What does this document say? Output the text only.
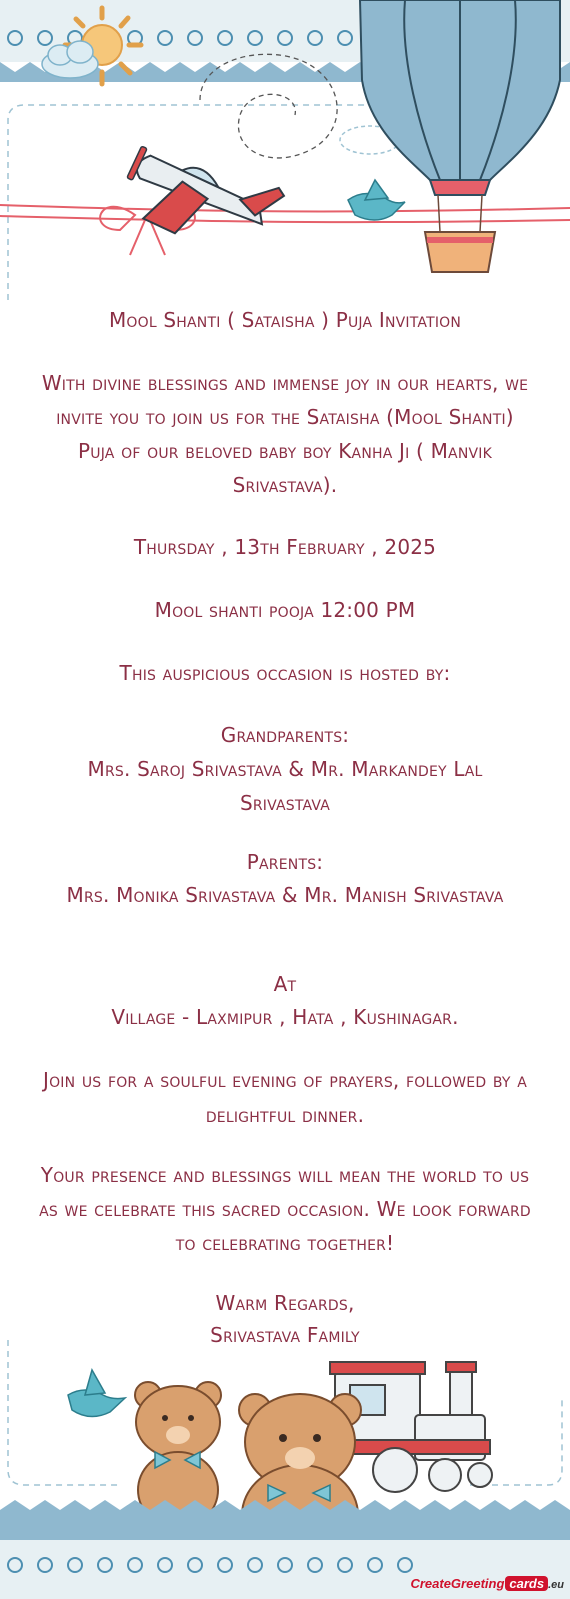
Mool Shanti ( Sataisha ) Puja Invitation
With divine blessings and immense joy in our hearts, we
invite you to join us for the Sataisha (Mool Shanti)
Puja of our beloved baby boy Kanha Ji ( Manvik
Srivastava).
Thursday , 13th February , 2025
Mool shanti pooja 12:00 PM
This auspicious occasion is hosted by:
Grandparents:
Mrs. Saroj Srivastava & Mr. Markandey Lal
Srivastava
Parents:
Mrs. Monika Srivastava & Mr. Manish Srivastava
At
Village - Laxmipur , Hata , Kushinagar.
Join us for a soulful evening of prayers, followed by a
delightful dinner.
Your presence and blessings will mean the world to us
as we celebrate this sacred occasion. We look forward
to celebrating together!
Warm Regards,
Srivastava Family
CreateGreeting cards .eu
